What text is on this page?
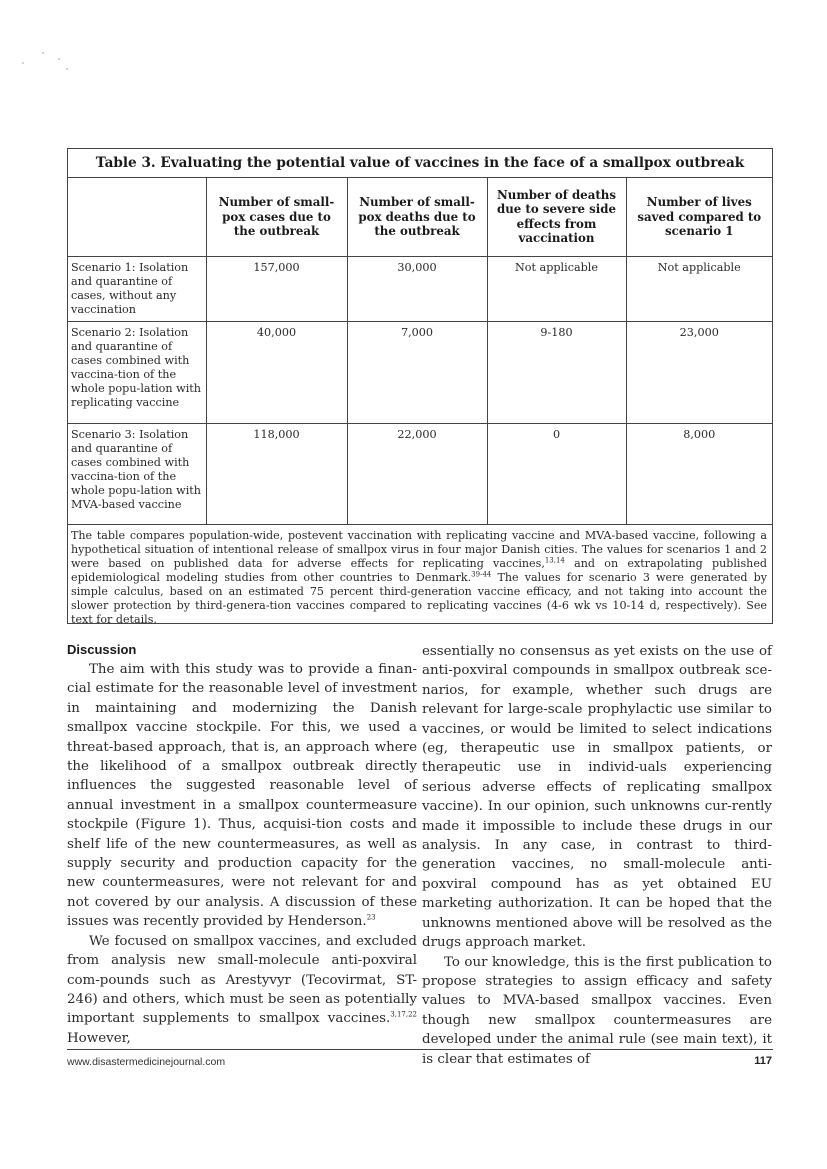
Table 3. Evaluating the potential value of vaccines in the face of a smallpox outbreak
	Number of small-pox cases due to the outbreak	Number of small-pox deaths due to the outbreak	Number of deaths due to severe side effects from vaccination	Number of lives saved compared to scenario 1
Scenario 1: Isolation and quarantine of cases, without any vaccination	157,000	30,000	Not applicable	Not applicable
Scenario 2: Isolation and quarantine of cases combined with vaccina-tion of the whole popu-lation with replicating vaccine	40,000	7,000	9-180	23,000
Scenario 3: Isolation and quarantine of cases combined with vaccina-tion of the whole popu-lation with MVA-based vaccine	118,000	22,000	0	8,000
The table compares population-wide, postevent vaccination with replicating vaccine and MVA-based vaccine, following a hypothetical situation of intentional release of smallpox virus in four major Danish cities. The values for scenarios 1 and 2 were based on published data for adverse effects for replicating vaccines,$^{13,14}$ and on extrapolating published epidemiological modeling studies from other countries to Denmark.$^{39-44}$ The values for scenario 3 were generated by simple calculus, based on an estimated 75 percent third-generation vaccine efficacy, and not taking into account the slower protection by third-genera-tion vaccines compared to replicating vaccines (4-6 wk vs 10-14 d, respectively). See text for details.
Discussion

The aim with this study was to provide a finan-cial estimate for the reasonable level of investment in maintaining and modernizing the Danish smallpox vaccine stockpile. For this, we used a threat-based approach, that is, an approach where the likelihood of a smallpox outbreak directly influences the suggested reasonable level of annual investment in a smallpox countermeasure stockpile (Figure 1). Thus, acquisi-tion costs and shelf life of the new countermeasures, as well as supply security and production capacity for the new countermeasures, were not relevant for and not covered by our analysis. A discussion of these issues was recently provided by Henderson.$^{23}$

We focused on smallpox vaccines, and excluded from analysis new small-molecule anti-poxviral com-pounds such as Arestyvyr (Tecovirmat, ST-246) and others, which must be seen as potentially important supplements to smallpox vaccines.$^{3,17,22}$ However,

essentially no consensus as yet exists on the use of anti-poxviral compounds in smallpox outbreak sce-narios, for example, whether such drugs are relevant for large-scale prophylactic use similar to vaccines, or would be limited to select indications (eg, therapeutic use in smallpox patients, or therapeutic use in individ-uals experiencing serious adverse effects of replicating smallpox vaccine). In our opinion, such unknowns cur-rently made it impossible to include these drugs in our analysis. In any case, in contrast to third-generation vaccines, no small-molecule anti-poxviral compound has as yet obtained EU marketing authorization. It can be hoped that the unknowns mentioned above will be resolved as the drugs approach market.

To our knowledge, this is the first publication to propose strategies to assign efficacy and safety values to MVA-based smallpox vaccines. Even though new smallpox countermeasures are developed under the animal rule (see main text), it is clear that estimates of

www.disastermedicinejournal.com	117
